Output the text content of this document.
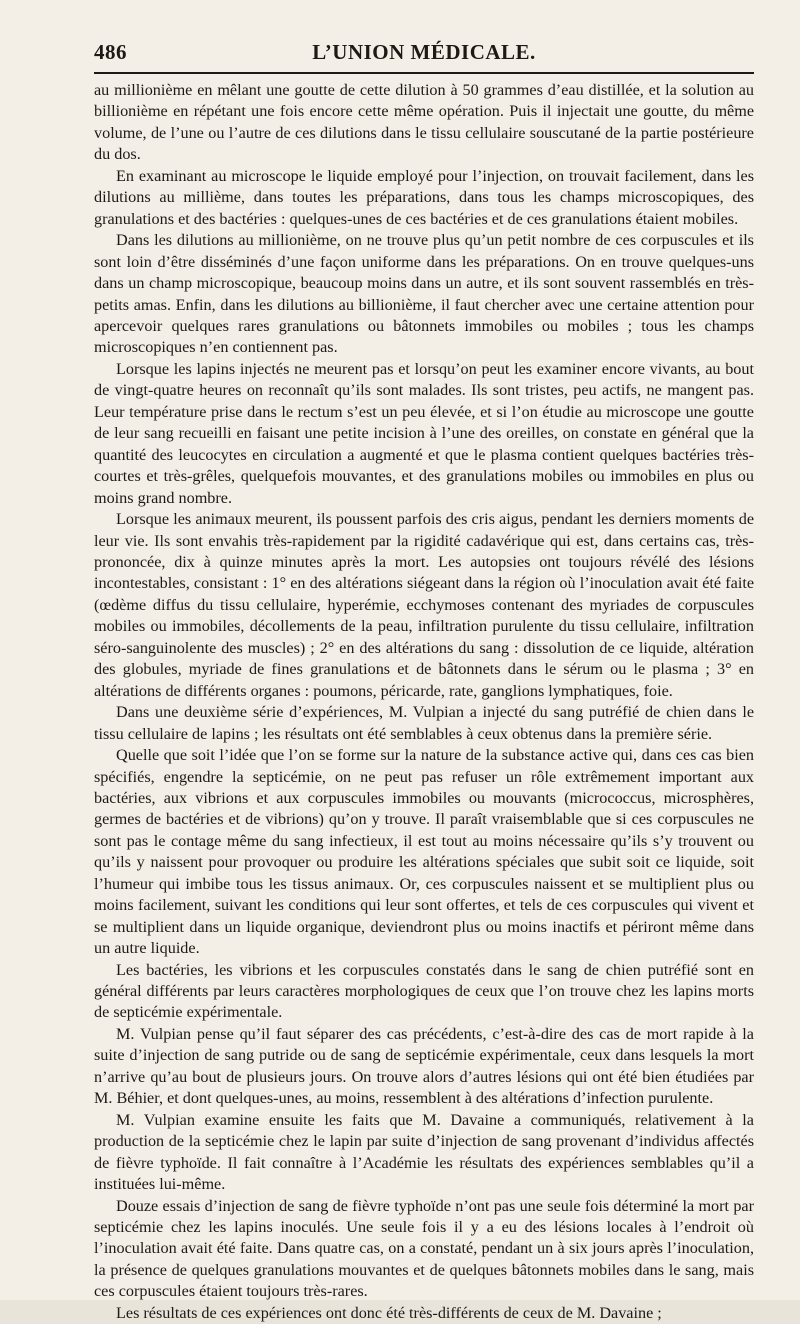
486	L’UNION MÉDICALE.

au millionième en mêlant une goutte de cette dilution à 50 grammes d’eau distillée, et la solution au billionième en répétant une fois encore cette même opération. Puis il injectait une goutte, du même volume, de l’une ou l’autre de ces dilutions dans le tissu cellulaire souscutané de la partie postérieure du dos.

En examinant au microscope le liquide employé pour l’injection, on trouvait facilement, dans les dilutions au millième, dans toutes les préparations, dans tous les champs microscopiques, des granulations et des bactéries : quelques-unes de ces bactéries et de ces granulations étaient mobiles.

Dans les dilutions au millionième, on ne trouve plus qu’un petit nombre de ces corpuscules et ils sont loin d’être disséminés d’une façon uniforme dans les préparations. On en trouve quelques-uns dans un champ microscopique, beaucoup moins dans un autre, et ils sont souvent rassemblés en très-petits amas. Enfin, dans les dilutions au billionième, il faut chercher avec une certaine attention pour apercevoir quelques rares granulations ou bâtonnets immobiles ou mobiles ; tous les champs microscopiques n’en contiennent pas.

Lorsque les lapins injectés ne meurent pas et lorsqu’on peut les examiner encore vivants, au bout de vingt-quatre heures on reconnaît qu’ils sont malades. Ils sont tristes, peu actifs, ne mangent pas. Leur température prise dans le rectum s’est un peu élevée, et si l’on étudie au microscope une goutte de leur sang recueilli en faisant une petite incision à l’une des oreilles, on constate en général que la quantité des leucocytes en circulation a augmenté et que le plasma contient quelques bactéries très-courtes et très-grêles, quelquefois mouvantes, et des granulations mobiles ou immobiles en plus ou moins grand nombre.

Lorsque les animaux meurent, ils poussent parfois des cris aigus, pendant les derniers moments de leur vie. Ils sont envahis très-rapidement par la rigidité cadavérique qui est, dans certains cas, très-prononcée, dix à quinze minutes après la mort. Les autopsies ont toujours révélé des lésions incontestables, consistant : 1° en des altérations siégeant dans la région où l’inoculation avait été faite (œdème diffus du tissu cellulaire, hyperémie, ecchymoses contenant des myriades de corpuscules mobiles ou immobiles, décollements de la peau, infiltration purulente du tissu cellulaire, infiltration séro-sanguinolente des muscles) ; 2° en des altérations du sang : dissolution de ce liquide, altération des globules, myriade de fines granulations et de bâtonnets dans le sérum ou le plasma ; 3° en altérations de différents organes : poumons, péricarde, rate, ganglions lymphatiques, foie.

Dans une deuxième série d’expériences, M. Vulpian a injecté du sang putréfié de chien dans le tissu cellulaire de lapins ; les résultats ont été semblables à ceux obtenus dans la première série.

Quelle que soit l’idée que l’on se forme sur la nature de la substance active qui, dans ces cas bien spécifiés, engendre la septicémie, on ne peut pas refuser un rôle extrêmement important aux bactéries, aux vibrions et aux corpuscules immobiles ou mouvants (micrococcus, microsphères, germes de bactéries et de vibrions) qu’on y trouve. Il paraît vraisemblable que si ces corpuscules ne sont pas le contage même du sang infectieux, il est tout au moins nécessaire qu’ils s’y trouvent ou qu’ils y naissent pour provoquer ou produire les altérations spéciales que subit soit ce liquide, soit l’humeur qui imbibe tous les tissus animaux. Or, ces corpuscules naissent et se multiplient plus ou moins facilement, suivant les conditions qui leur sont offertes, et tels de ces corpuscules qui vivent et se multiplient dans un liquide organique, deviendront plus ou moins inactifs et périront même dans un autre liquide.

Les bactéries, les vibrions et les corpuscules constatés dans le sang de chien putréfié sont en général différents par leurs caractères morphologiques de ceux que l’on trouve chez les lapins morts de septicémie expérimentale.

M. Vulpian pense qu’il faut séparer des cas précédents, c’est-à-dire des cas de mort rapide à la suite d’injection de sang putride ou de sang de septicémie expérimentale, ceux dans lesquels la mort n’arrive qu’au bout de plusieurs jours. On trouve alors d’autres lésions qui ont été bien étudiées par M. Béhier, et dont quelques-unes, au moins, ressemblent à des altérations d’infection purulente.

M. Vulpian examine ensuite les faits que M. Davaine a communiqués, relativement à la production de la septicémie chez le lapin par suite d’injection de sang provenant d’individus affectés de fièvre typhoïde. Il fait connaître à l’Académie les résultats des expériences semblables qu’il a instituées lui-même.

Douze essais d’injection de sang de fièvre typhoïde n’ont pas une seule fois déterminé la mort par septicémie chez les lapins inoculés. Une seule fois il y a eu des lésions locales à l’endroit où l’inoculation avait été faite. Dans quatre cas, on a constaté, pendant un à six jours après l’inoculation, la présence de quelques granulations mouvantes et de quelques bâtonnets mobiles dans le sang, mais ces corpuscules étaient toujours très-rares.

Les résultats de ces expériences ont donc été très-différents de ceux de M. Davaine ;
